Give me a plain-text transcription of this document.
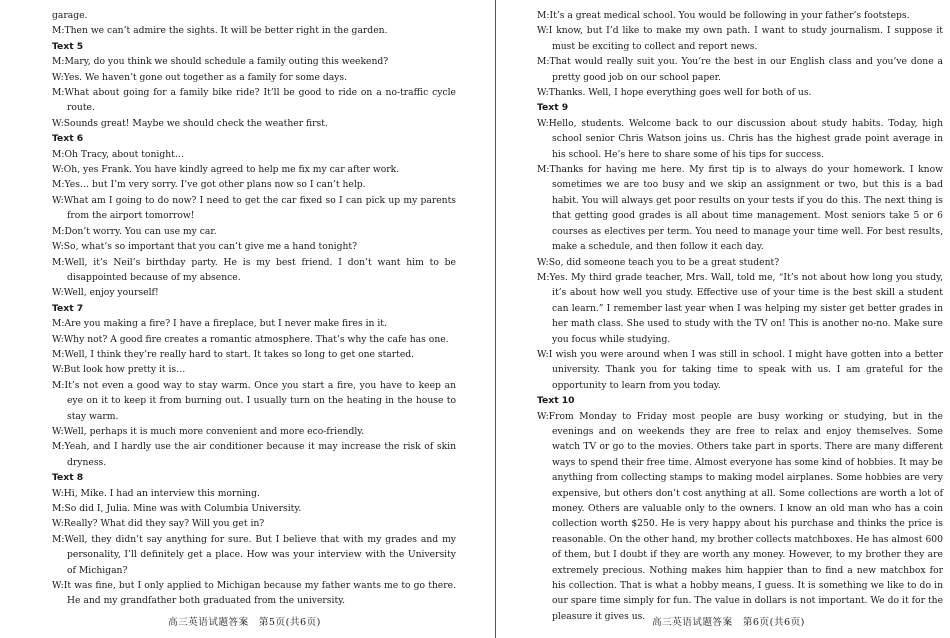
garage.

M:Then we can’t admire the sights. It will be better right in the garden.

Text 5

M:Mary, do you think we should schedule a family outing this weekend?

W:Yes. We haven’t gone out together as a family for some days.

M:What about going for a family bike ride? It’ll be good to ride on a no-traffic cycle route.

W:Sounds great! Maybe we should check the weather first.

Text 6

M:Oh Tracy, about tonight…

W:Oh, yes Frank. You have kindly agreed to help me fix my car after work.

M:Yes… but I’m very sorry. I’ve got other plans now so I can’t help.

W:What am I going to do now? I need to get the car fixed so I can pick up my parents from the airport tomorrow!

M:Don’t worry. You can use my car.

W:So, what’s so important that you can’t give me a hand tonight?

M:Well, it’s Neil’s birthday party. He is my best friend. I don’t want him to be disappointed because of my absence.

W:Well, enjoy yourself!

Text 7

M:Are you making a fire? I have a fireplace, but I never make fires in it.

W:Why not? A good fire creates a romantic atmosphere. That’s why the cafe has one.

M:Well, I think they’re really hard to start. It takes so long to get one started.

W:But look how pretty it is…

M:It’s not even a good way to stay warm. Once you start a fire, you have to keep an eye on it to keep it from burning out. I usually turn on the heating in the house to stay warm.

W:Well, perhaps it is much more convenient and more eco-friendly.

M:Yeah, and I hardly use the air conditioner because it may increase the risk of skin dryness.

Text 8

W:Hi, Mike. I had an interview this morning.

M:So did I, Julia. Mine was with Columbia University.

W:Really? What did they say? Will you get in?

M:Well, they didn’t say anything for sure. But I believe that with my grades and my personality, I’ll definitely get a place. How was your interview with the University of Michigan?

W:It was fine, but I only applied to Michigan because my father wants me to go there. He and my grandfather both graduated from the university.

M:It’s a great medical school. You would be following in your father’s footsteps.

W:I know, but I’d like to make my own path. I want to study journalism. I suppose it must be exciting to collect and report news.

M:That would really suit you. You’re the best in our English class and you’ve done a pretty good job on our school paper.

W:Thanks. Well, I hope everything goes well for both of us.

Text 9

W:Hello, students. Welcome back to our discussion about study habits. Today, high school senior Chris Watson joins us. Chris has the highest grade point average in his school. He’s here to share some of his tips for success.

M:Thanks for having me here. My first tip is to always do your homework. I know sometimes we are too busy and we skip an assignment or two, but this is a bad habit. You will always get poor results on your tests if you do this. The next thing is that getting good grades is all about time management. Most seniors take 5 or 6 courses as electives per term. You need to manage your time well. For best results, make a schedule, and then follow it each day.

W:So, did someone teach you to be a great student?

M:Yes. My third grade teacher, Mrs. Wall, told me, “It’s not about how long you study, it’s about how well you study. Effective use of your time is the best skill a student can learn.” I remember last year when I was helping my sister get better grades in her math class. She used to study with the TV on! This is another no-no. Make sure you focus while studying.

W:I wish you were around when I was still in school. I might have gotten into a better university. Thank you for taking time to speak with us. I am grateful for the opportunity to learn from you today.

Text 10

W:From Monday to Friday most people are busy working or studying, but in the evenings and on weekends they are free to relax and enjoy themselves. Some watch TV or go to the movies. Others take part in sports. There are many different ways to spend their free time. Almost everyone has some kind of hobbies. It may be anything from collecting stamps to making model airplanes. Some hobbies are very expensive, but others don’t cost anything at all. Some collections are worth a lot of money. Others are valuable only to the owners. I know an old man who has a coin collection worth $250. He is very happy about his purchase and thinks the price is reasonable. On the other hand, my brother collects matchboxes. He has almost 600 of them, but I doubt if they are worth any money. However, to my brother they are extremely precious. Nothing makes him happier than to find a new matchbox for his collection. That is what a hobby means, I guess. It is something we like to do in our spare time simply for fun. The value in dollars is not important. We do it for the pleasure it gives us.

高三英语试题答案　第5页(共6页)	高三英语试题答案　第6页(共6页)
